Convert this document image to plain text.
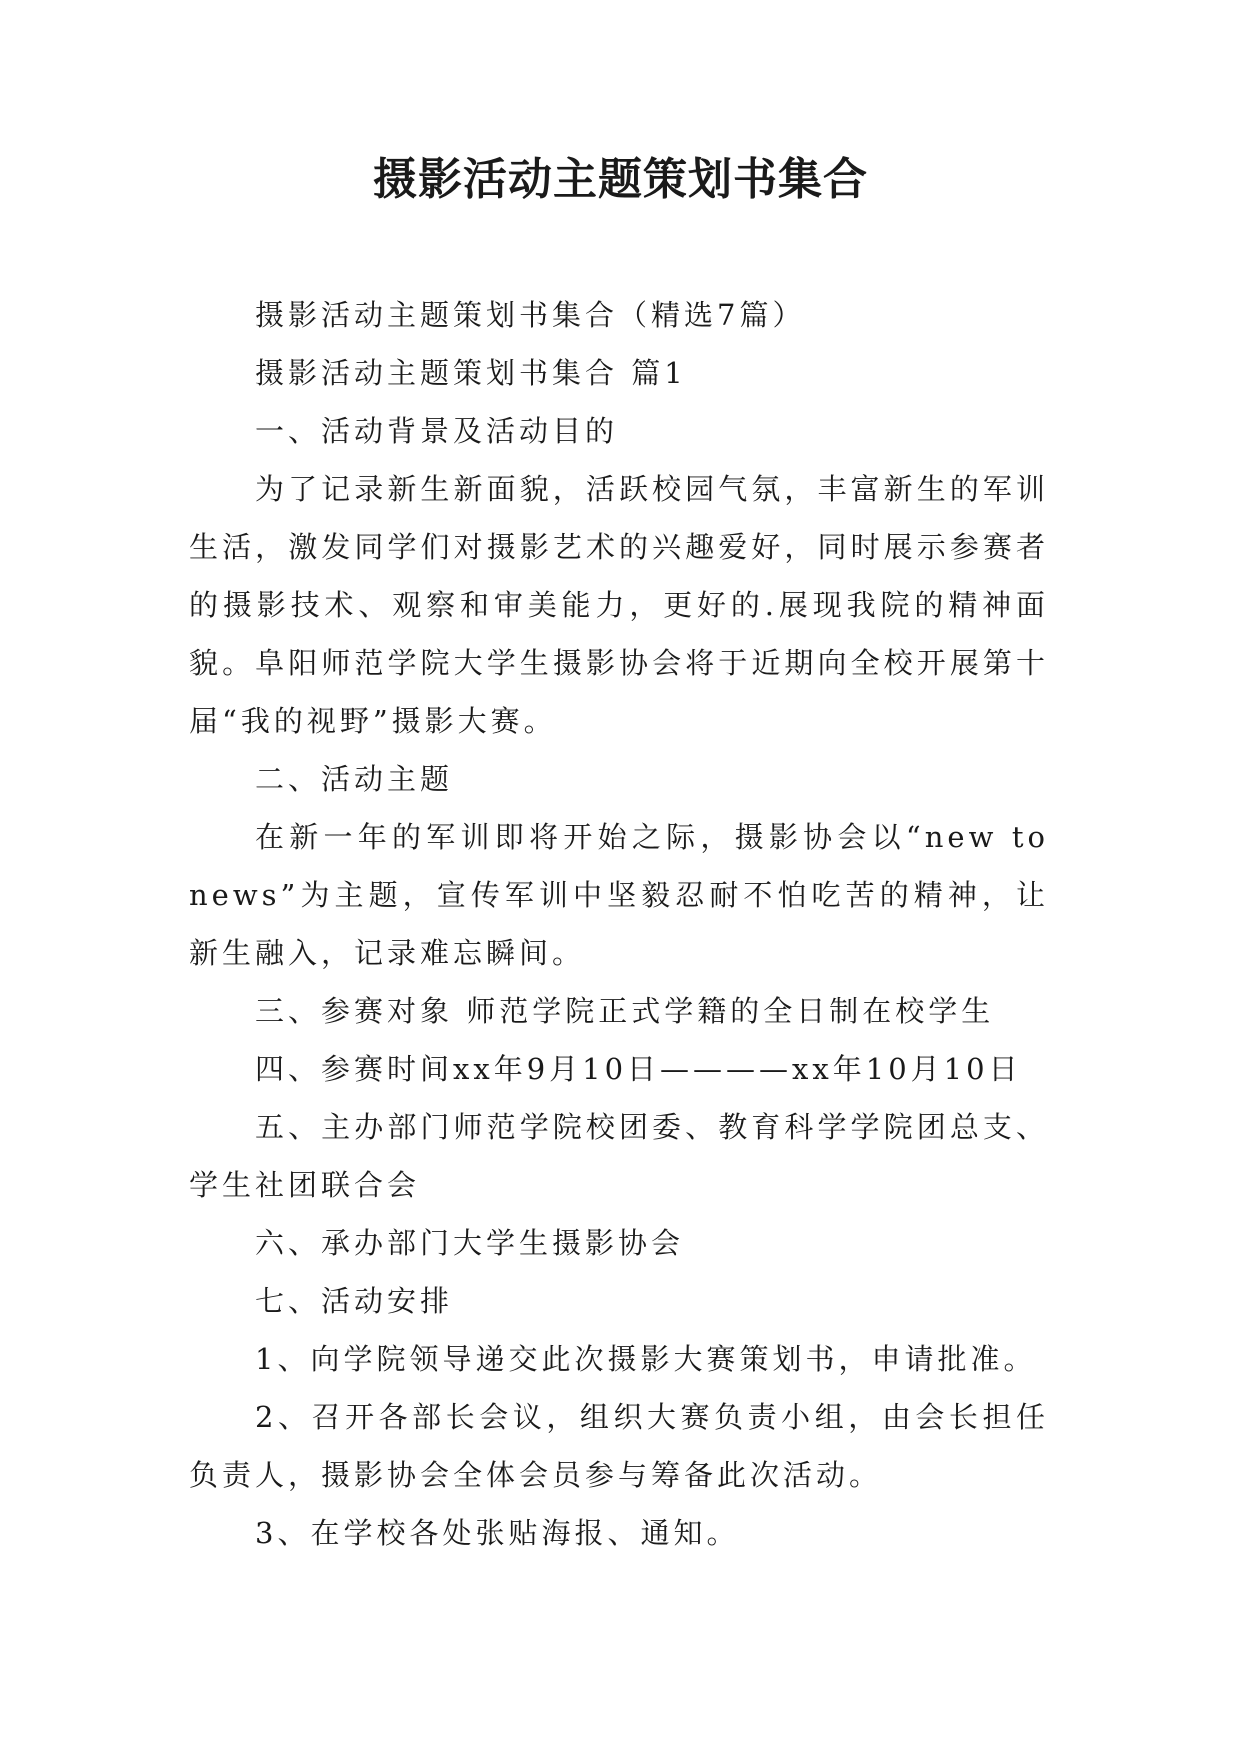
摄影活动主题策划书集合

摄影活动主题策划书集合（精选7篇）

摄影活动主题策划书集合 篇1

一、活动背景及活动目的

为了记录新生新面貌，活跃校园气氛，丰富新生的军训生活，激发同学们对摄影艺术的兴趣爱好，同时展示参赛者的摄影技术、观察和审美能力，更好的.展现我院的精神面貌。阜阳师范学院大学生摄影协会将于近期向全校开展第十届“我的视野”摄影大赛。

二、活动主题

在新一年的军训即将开始之际，摄影协会以“new to news”为主题，宣传军训中坚毅忍耐不怕吃苦的精神，让新生融入，记录难忘瞬间。

三、参赛对象 师范学院正式学籍的全日制在校学生

四、参赛时间xx年9月10日————xx年10月10日

五、主办部门师范学院校团委、教育科学学院团总支、学生社团联合会

六、承办部门大学生摄影协会

七、活动安排

1、向学院领导递交此次摄影大赛策划书，申请批准。

2、召开各部长会议，组织大赛负责小组，由会长担任负责人，摄影协会全体会员参与筹备此次活动。

3、在学校各处张贴海报、通知。
